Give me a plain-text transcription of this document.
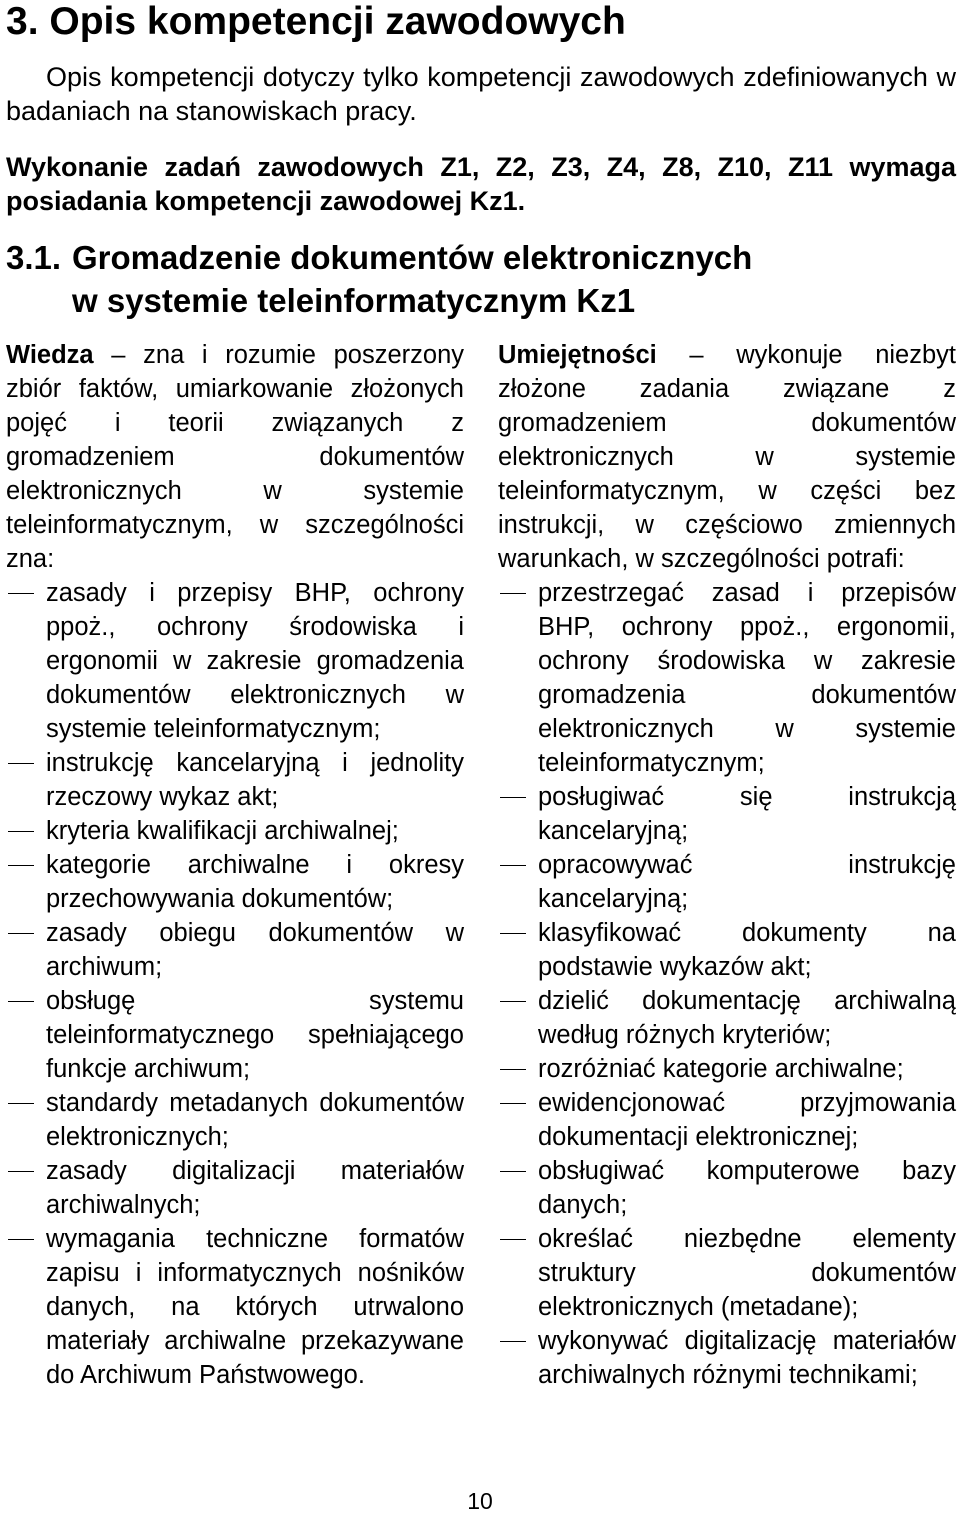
3. Opis kompetencji zawodowych

Opis kompetencji dotyczy tylko kompetencji zawodowych zdefiniowanych w badaniach na stanowiskach pracy.

Wykonanie zadań zawodowych Z1, Z2, Z3, Z4, Z8, Z10, Z11 wymaga posiadania kompetencji zawodowej Kz1.

3.1. Gromadzenie dokumentów elektronicznych
w systemie teleinformatycznym Kz1

Wiedza – zna i rozumie poszerzony zbiór faktów, umiarkowanie złożonych pojęć i teorii związanych z gromadzeniem dokumentów elektronicznych w systemie teleinformatycznym, w szczególności zna:

zasady i przepisy BHP, ochrony ppoż., ochrony środowiska i ergonomii w zakresie gromadzenia dokumentów elektronicznych w systemie teleinformatycznym;
instrukcję kancelaryjną i jednolity rzeczowy wykaz akt;
kryteria kwalifikacji archiwalnej;
kategorie archiwalne i okresy przechowywania dokumentów;
zasady obiegu dokumentów w archiwum;
obsługę systemu teleinformatycznego spełniającego funkcje archiwum;
standardy metadanych dokumentów elektronicznych;
zasady digitalizacji materiałów archiwalnych;
wymagania techniczne formatów zapisu i informatycznych nośników danych, na których utrwalono materiały archiwalne przekazywane do Archiwum Państwowego.

Umiejętności – wykonuje niezbyt złożone zadania związane z gromadzeniem dokumentów elektronicznych w systemie teleinformatycznym, w części bez instrukcji, w częściowo zmiennych warunkach, w szczególności potrafi:

przestrzegać zasad i przepisów BHP, ochrony ppoż., ergonomii, ochrony środowiska w zakresie gromadzenia dokumentów elektronicznych w systemie teleinformatycznym;
posługiwać się instrukcją kancelaryjną;
opracowywać instrukcję kancelaryjną;
klasyfikować dokumenty na podstawie wykazów akt;
dzielić dokumentację archiwalną według różnych kryteriów;
rozróżniać kategorie archiwalne;
ewidencjonować przyjmowania dokumentacji elektronicznej;
obsługiwać komputerowe bazy danych;
określać niezbędne elementy struktury dokumentów elektronicznych (metadane);
wykonywać digitalizację materiałów archiwalnych różnymi technikami;
10
